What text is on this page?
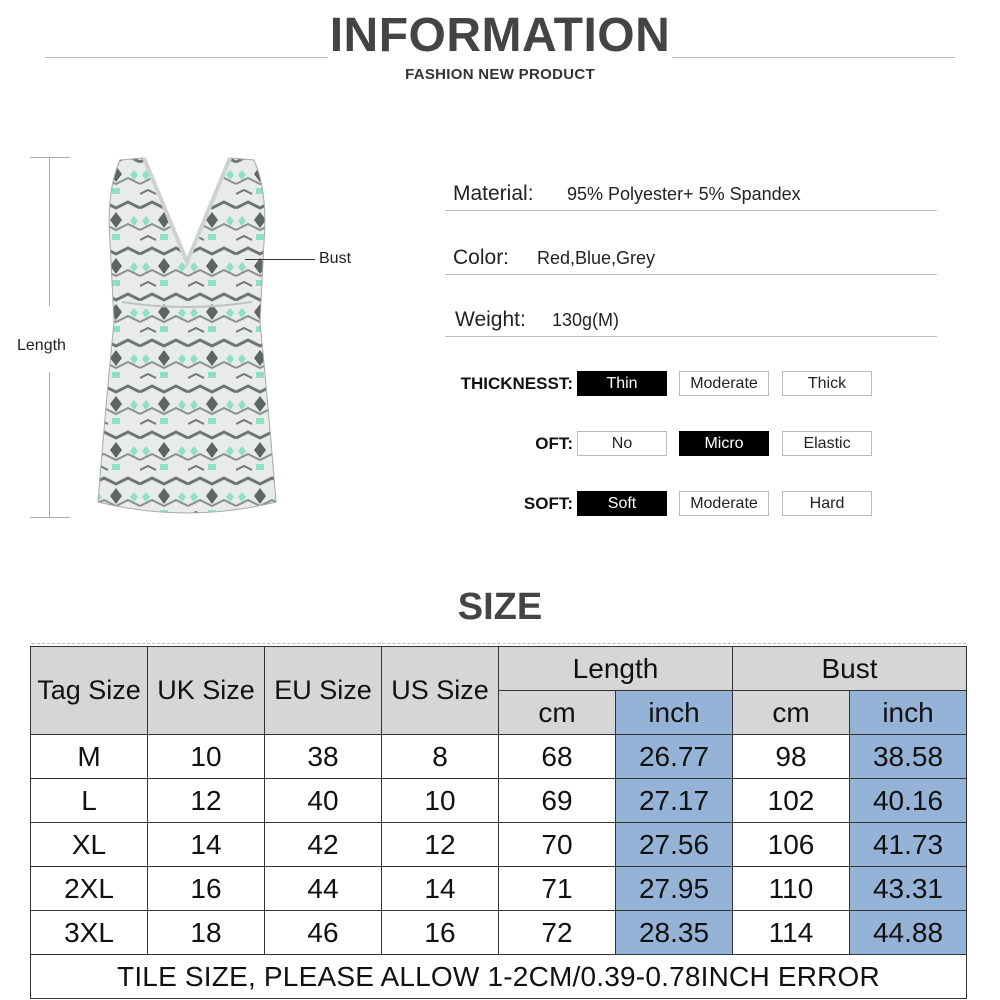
INFORMATION
FASHION NEW PRODUCT
Length
Bust
Material: 95% Polyester+ 5% Spandex
Color: Red,Blue,Grey
Weight: 130g(M)
THICKNESST:	Thin	Moderate	Thick
OFT:	No	Micro	Elastic
SOFT:	Soft	Moderate	Hard
SIZE
Tag Size	UK Size	EU Size	US Size	Length		Bust	
				cm	inch	cm	inch
M	10	38	8	68	26.77	98	38.58
L	12	40	10	69	27.17	102	40.16
XL	14	42	12	70	27.56	106	41.73
2XL	16	44	14	71	27.95	110	43.31
3XL	18	46	16	72	28.35	114	44.88
TILE SIZE, PLEASE ALLOW 1-2CM/0.39-0.78INCH ERROR							
